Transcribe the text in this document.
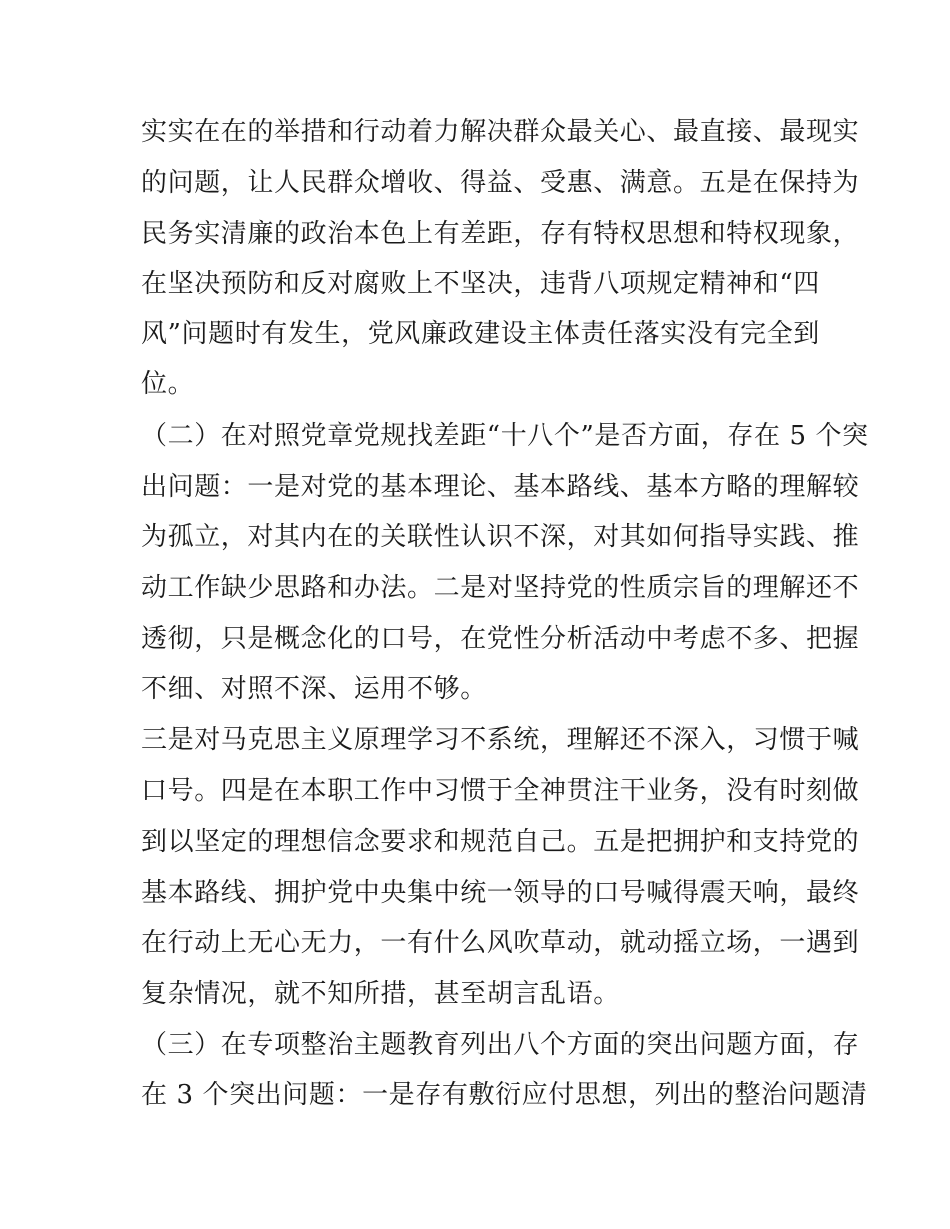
实实在在的举措和行动着力解决群众最关心、最直接、最现实
的问题，让人民群众增收、得益、受惠、满意。五是在保持为
民务实清廉的政治本色上有差距，存有特权思想和特权现象，
在坚决预防和反对腐败上不坚决，违背八项规定精神和“四
风”问题时有发生，党风廉政建设主体责任落实没有完全到
位。
（二）在对照党章党规找差距“十八个”是否方面，存在 5 个突
出问题：一是对党的基本理论、基本路线、基本方略的理解较
为孤立，对其内在的关联性认识不深，对其如何指导实践、推
动工作缺少思路和办法。二是对坚持党的性质宗旨的理解还不
透彻，只是概念化的口号，在党性分析活动中考虑不多、把握
不细、对照不深、运用不够。
三是对马克思主义原理学习不系统，理解还不深入，习惯于喊
口号。四是在本职工作中习惯于全神贯注干业务，没有时刻做
到以坚定的理想信念要求和规范自己。五是把拥护和支持党的
基本路线、拥护党中央集中统一领导的口号喊得震天响，最终
在行动上无心无力，一有什么风吹草动，就动摇立场，一遇到
复杂情况，就不知所措，甚至胡言乱语。
（三）在专项整治主题教育列出八个方面的突出问题方面，存
在 3 个突出问题：一是存有敷衍应付思想，列出的整治问题清
